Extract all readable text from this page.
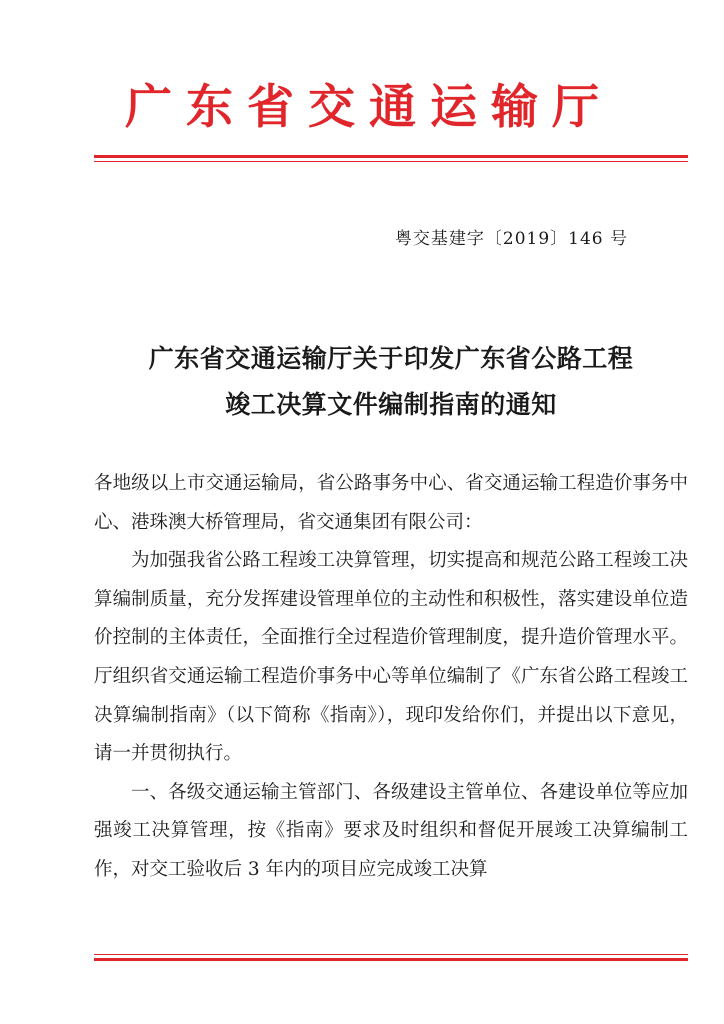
广东省交通运输厅
粤交基建字〔2019〕146 号
广东省交通运输厅关于印发广东省公路工程
竣工决算文件编制指南的通知

各地级以上市交通运输局，省公路事务中心、省交通运输工程造价事务中心、港珠澳大桥管理局，省交通集团有限公司：

为加强我省公路工程竣工决算管理，切实提高和规范公路工程竣工决算编制质量，充分发挥建设管理单位的主动性和积极性，落实建设单位造价控制的主体责任，全面推行全过程造价管理制度，提升造价管理水平。厅组织省交通运输工程造价事务中心等单位编制了《广东省公路工程竣工决算编制指南》（以下简称《指南》），现印发给你们，并提出以下意见，请一并贯彻执行。

一、各级交通运输主管部门、各级建设主管单位、各建设单位等应加强竣工决算管理，按《指南》要求及时组织和督促开展竣工决算编制工作，对交工验收后 3 年内的项目应完成竣工决算
